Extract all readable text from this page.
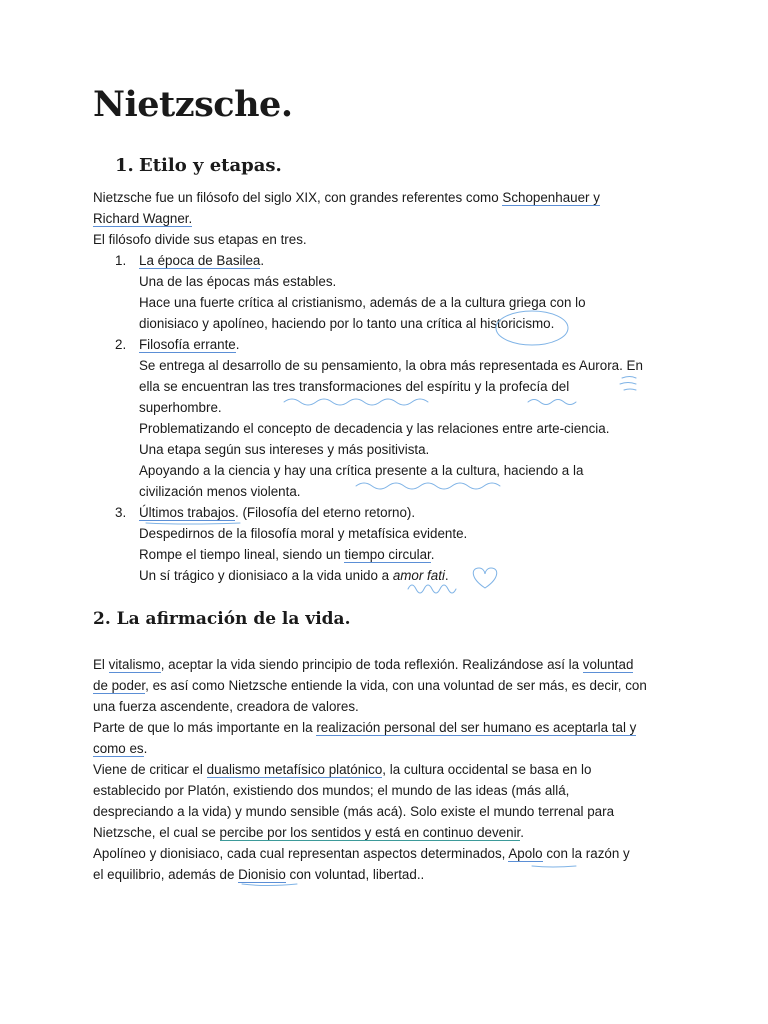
Nietzsche.
1. Etilo y etapas.
Nietzsche fue un filósofo del siglo XIX, con grandes referentes como Schopenhauer y
Richard Wagner.
El filósofo divide sus etapas en tres.
1. La época de Basilea.
Una de las épocas más estables.
Hace una fuerte crítica al cristianismo, además de a la cultura griega con lo
dionisiaco y apolíneo, haciendo por lo tanto una crítica al historicismo.
2. Filosofía errante.
Se entrega al desarrollo de su pensamiento, la obra más representada es Aurora. En
ella se encuentran las tres transformaciones del espíritu y la profecía del
superhombre.
Problematizando el concepto de decadencia y las relaciones entre arte-ciencia.
Una etapa según sus intereses y más positivista.
Apoyando a la ciencia y hay una crítica presente a la cultura, haciendo a la
civilización menos violenta.
3. Últimos trabajos. (Filosofía del eterno retorno).
Despedirnos de la filosofía moral y metafísica evidente.
Rompe el tiempo lineal, siendo un tiempo circular.
Un sí trágico y dionisiaco a la vida unido a amor fati.
2. La afirmación de la vida.
El vitalismo, aceptar la vida siendo principio de toda reflexión. Realizándose así la voluntad
de poder, es así como Nietzsche entiende la vida, con una voluntad de ser más, es decir, con
una fuerza ascendente, creadora de valores.
Parte de que lo más importante en la realización personal del ser humano es aceptarla tal y
como es.
Viene de criticar el dualismo metafísico platónico, la cultura occidental se basa en lo
establecido por Platón, existiendo dos mundos; el mundo de las ideas (más allá,
despreciando a la vida) y mundo sensible (más acá). Solo existe el mundo terrenal para
Nietzsche, el cual se percibe por los sentidos y está en continuo devenir.
Apolíneo y dionisiaco, cada cual representan aspectos determinados, Apolo con la razón y
el equilibrio, además de Dionisio con voluntad, libertad..
